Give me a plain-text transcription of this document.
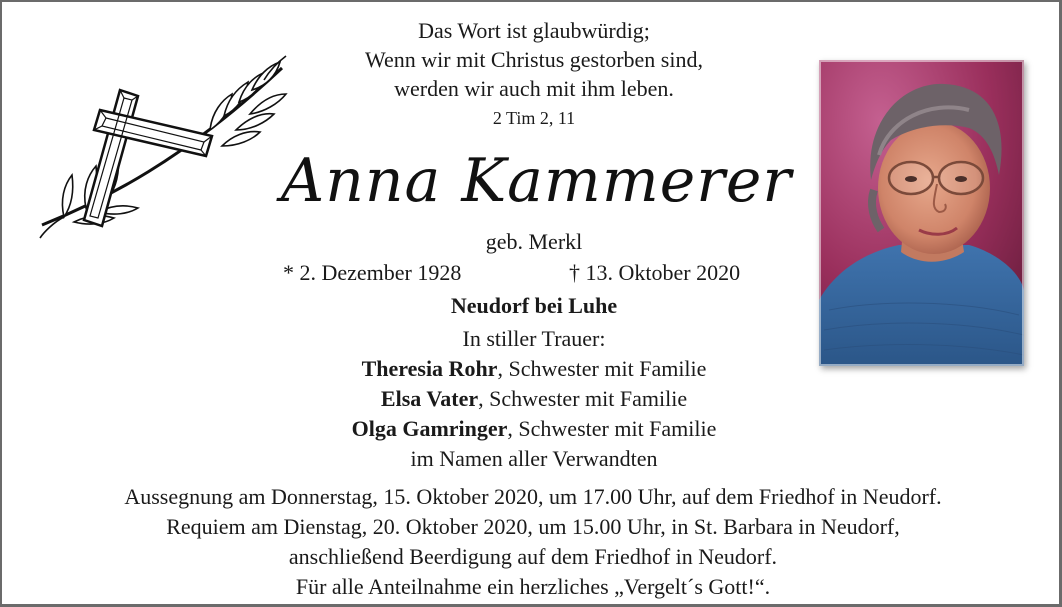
Das Wort ist glaubwürdig;
Wenn wir mit Christus gestorben sind,
werden wir auch mit ihm leben.
2 Tim 2, 11
Anna Kammerer
geb. Merkl
* 2. Dezember 1928	† 13. Oktober 2020
Neudorf bei Luhe
In stiller Trauer:
Theresia Rohr, Schwester mit Familie
Elsa Vater, Schwester mit Familie
Olga Gamringer, Schwester mit Familie
im Namen aller Verwandten
Aussegnung am Donnerstag, 15. Oktober 2020, um 17.00 Uhr, auf dem Friedhof in Neudorf.
Requiem am Dienstag, 20. Oktober 2020, um 15.00 Uhr, in St. Barbara in Neudorf,
anschließend Beerdigung auf dem Friedhof in Neudorf.
Für alle Anteilnahme ein herzliches „Vergelt´s Gott!“.
